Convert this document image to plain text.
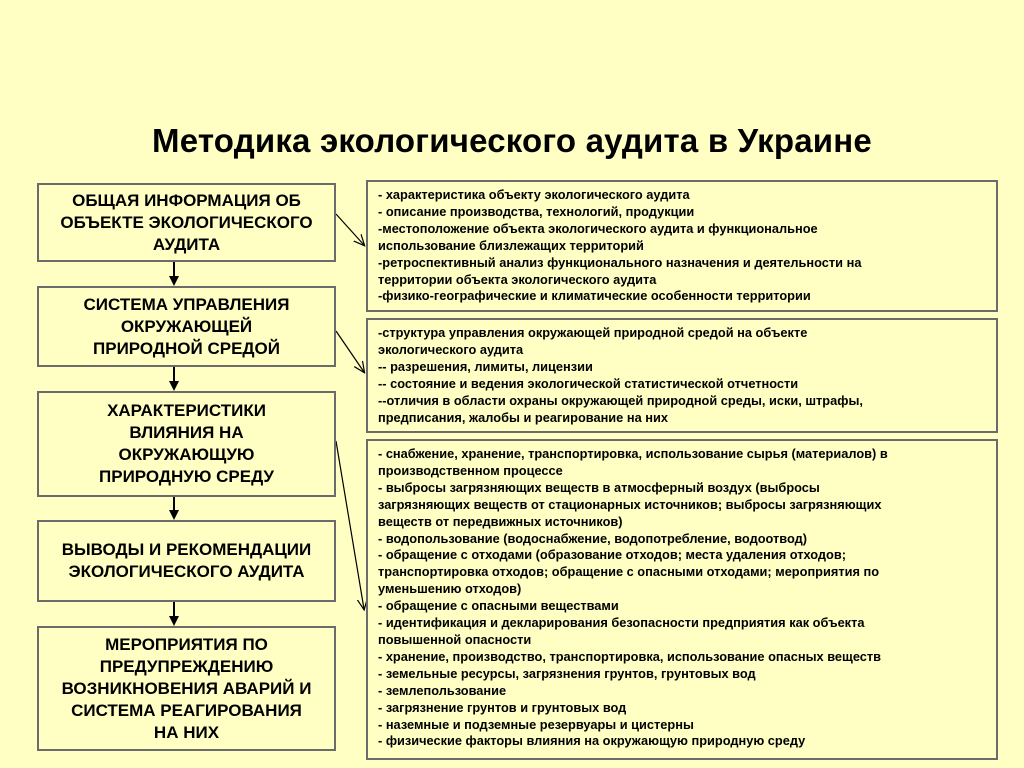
Методика экологического аудита в Украине
ОБЩАЯ ИНФОРМАЦИЯ ОБ
ОБЪЕКТЕ ЭКОЛОГИЧЕСКОГО
АУДИТА
СИСТЕМА УПРАВЛЕНИЯ
ОКРУЖАЮЩЕЙ
ПРИРОДНОЙ СРЕДОЙ
ХАРАКТЕРИСТИКИ
ВЛИЯНИЯ НА
ОКРУЖАЮЩУЮ
ПРИРОДНУЮ СРЕДУ
ВЫВОДЫ И РЕКОМЕНДАЦИИ
ЭКОЛОГИЧЕСКОГО АУДИТА
МЕРОПРИЯТИЯ ПО
ПРЕДУПРЕЖДЕНИЮ
ВОЗНИКНОВЕНИЯ АВАРИЙ И
СИСТЕМА РЕАГИРОВАНИЯ
НА НИХ
- характеристика объекту экологического аудита
- описание производства, технологий, продукции
-местоположение объекта экологического аудита и функциональное
использование близлежащих территорий
-ретроспективный анализ функционального назначения и деятельности на
территории объекта экологического аудита
-физико-географические и климатические особенности территории
-структура управления окружающей природной средой на объекте
экологического аудита
-- разрешения, лимиты, лицензии
-- состояние и ведения экологической статистической отчетности
--отличия в области охраны окружающей природной среды, иски, штрафы,
предписания, жалобы и реагирование на них
- снабжение, хранение, транспортировка, использование сырья (материалов) в
производственном процессе
- выбросы загрязняющих веществ в атмосферный воздух (выбросы
загрязняющих веществ от стационарных источников; выбросы загрязняющих
веществ от передвижных источников)
- водопользование (водоснабжение, водопотребление, водоотвод)
- обращение с отходами (образование отходов; места удаления отходов;
транспортировка отходов; обращение с опасными отходами; мероприятия по
уменьшению отходов)
- обращение с опасными веществами
- идентификация и декларирования безопасности предприятия как объекта
повышенной опасности
- хранение, производство, транспортировка, использование опасных веществ
- земельные ресурсы, загрязнения грунтов, грунтовых вод
- землепользование
- загрязнение грунтов и грунтовых вод
- наземные и подземные резервуары и цистерны
- физические факторы влияния на окружающую природную среду
